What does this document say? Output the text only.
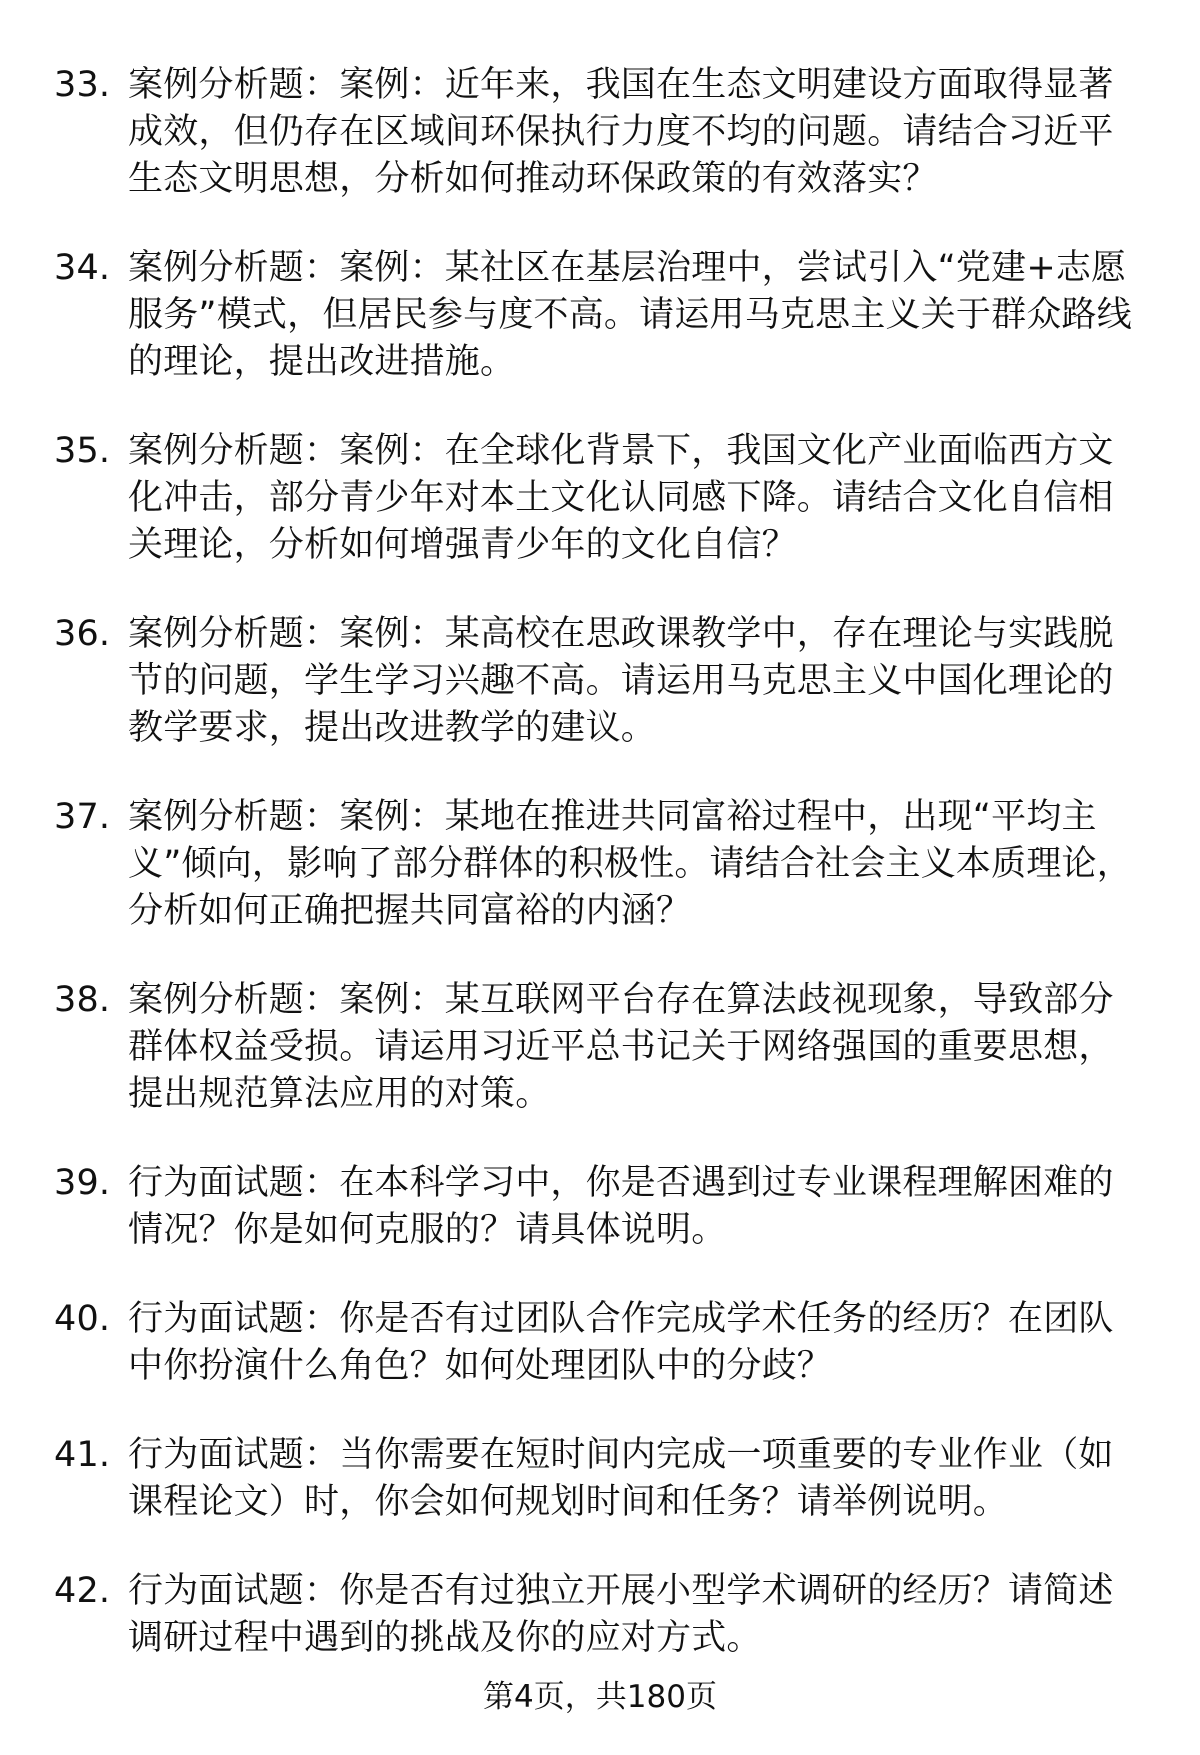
33. 案例分析题：案例：近年来，我国在生态文明建设方面取得显著成效，但仍存在区域间环保执行力度不均的问题。请结合习近平生态文明思想，分析如何推动环保政策的有效落实？
34. 案例分析题：案例：某社区在基层治理中，尝试引入“党建+志愿服务”模式，但居民参与度不高。请运用马克思主义关于群众路线的理论，提出改进措施。
35. 案例分析题：案例：在全球化背景下，我国文化产业面临西方文化冲击，部分青少年对本土文化认同感下降。请结合文化自信相关理论，分析如何增强青少年的文化自信？
36. 案例分析题：案例：某高校在思政课教学中，存在理论与实践脱节的问题，学生学习兴趣不高。请运用马克思主义中国化理论的教学要求，提出改进教学的建议。
37. 案例分析题：案例：某地在推进共同富裕过程中，出现“平均主义”倾向，影响了部分群体的积极性。请结合社会主义本质理论，分析如何正确把握共同富裕的内涵？
38. 案例分析题：案例：某互联网平台存在算法歧视现象，导致部分群体权益受损。请运用习近平总书记关于网络强国的重要思想，提出规范算法应用的对策。
39. 行为面试题：在本科学习中，你是否遇到过专业课程理解困难的情况？你是如何克服的？请具体说明。
40. 行为面试题：你是否有过团队合作完成学术任务的经历？在团队中你扮演什么角色？如何处理团队中的分歧？
41. 行为面试题：当你需要在短时间内完成一项重要的专业作业（如课程论文）时，你会如何规划时间和任务？请举例说明。
42. 行为面试题：你是否有过独立开展小型学术调研的经历？请简述调研过程中遇到的挑战及你的应对方式。
第4页，共180页
